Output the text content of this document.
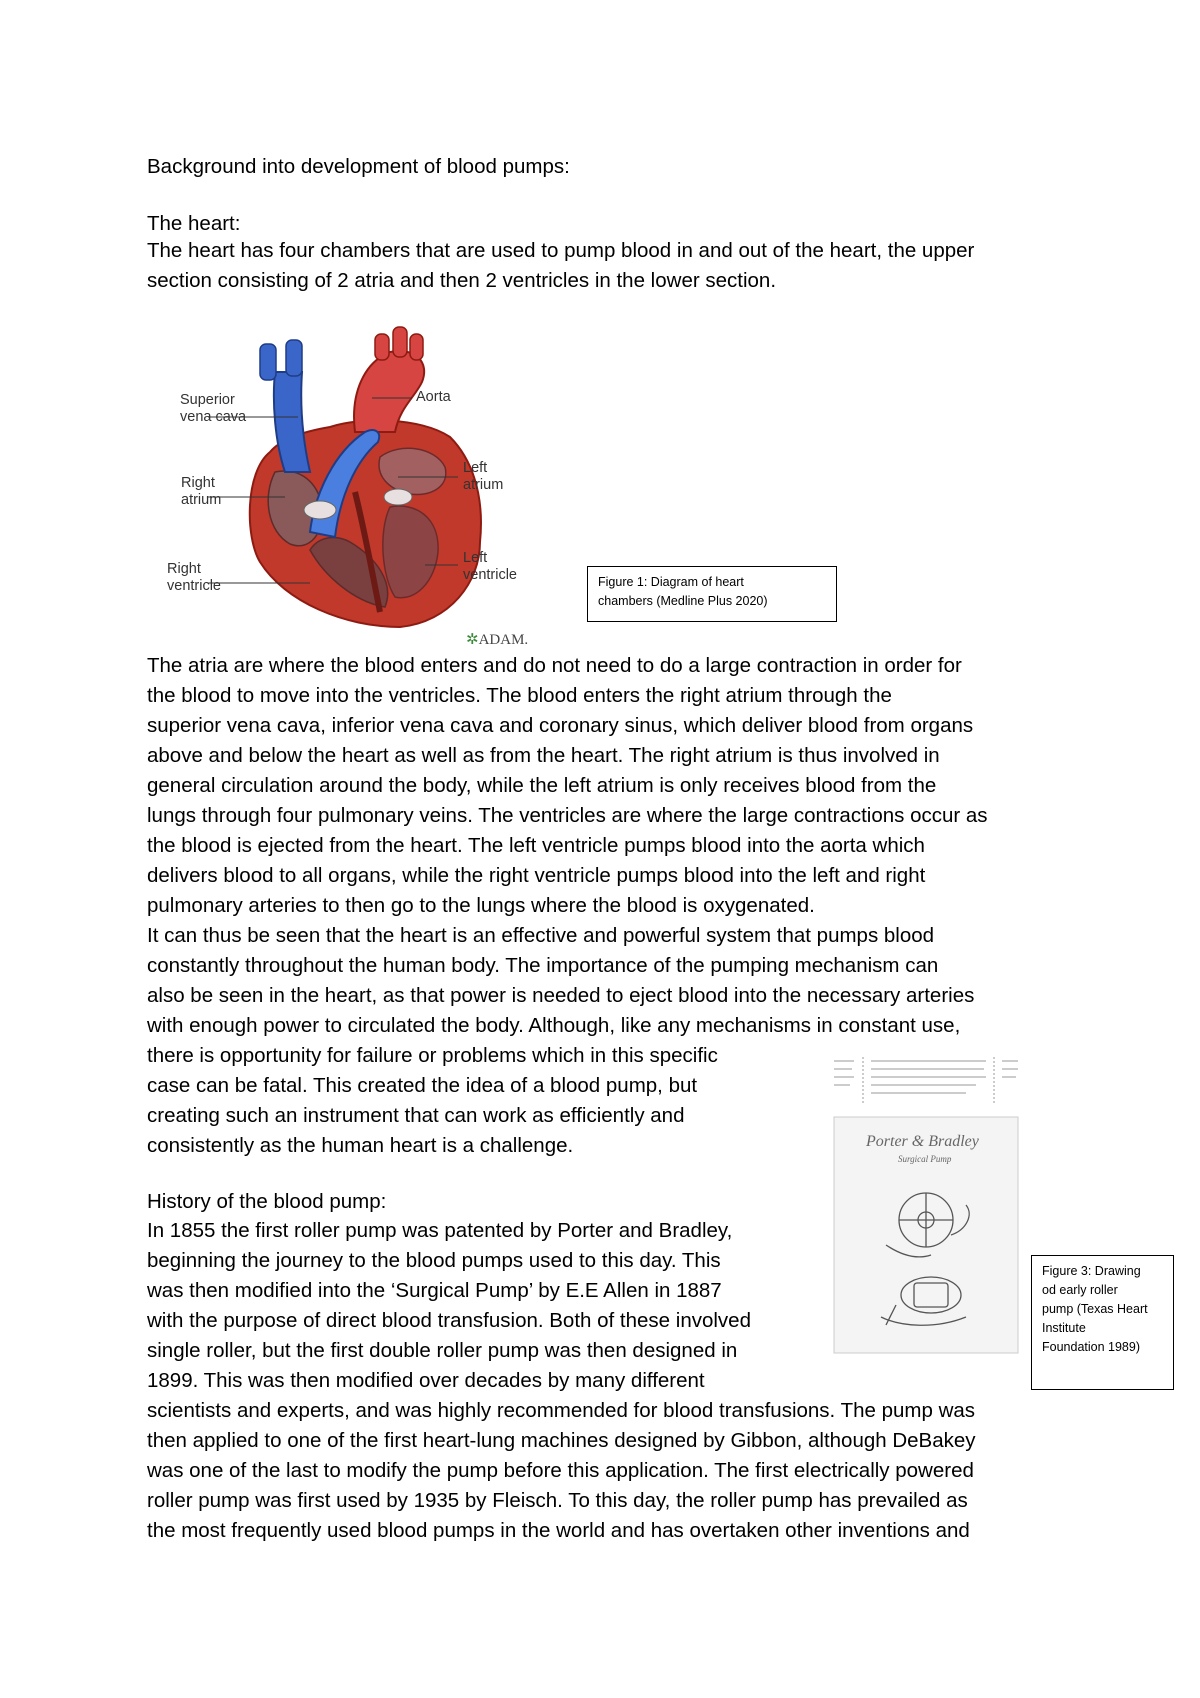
Background into development of blood pumps:
The heart:
The heart has four chambers that are used to pump blood in and out of the heart, the upper
section consisting of 2 atria and then 2 ventricles in the lower section.
Superior
vena cava
Aorta
Right
atrium
Left
atrium
Right
ventricle
Left
ventricle
✲ADAM.
Figure 1: Diagram of heart
chambers (Medline Plus 2020)
The atria are where the blood enters and do not need to do a large contraction in order for
the blood to move into the ventricles. The blood enters the right atrium through the
superior vena cava, inferior vena cava and coronary sinus, which deliver blood from organs
above and below the heart as well as from the heart. The right atrium is thus involved in
general circulation around the body, while the left atrium is only receives blood from the
lungs through four pulmonary veins. The ventricles are where the large contractions occur as
the blood is ejected from the heart. The left ventricle pumps blood into the aorta which
delivers blood to all organs, while the right ventricle pumps blood into the left and right
pulmonary arteries to then go to the lungs where the blood is oxygenated.
It can thus be seen that the heart is an effective and powerful system that pumps blood
constantly throughout the human body. The importance of the pumping mechanism can
also be seen in the heart, as that power is needed to eject blood into the necessary arteries
with enough power to circulated the body. Although, like any mechanisms in constant use,
there is opportunity for failure or problems which in this specific
case can be fatal. This created the idea of a blood pump, but
creating such an instrument that can work as efficiently and
consistently as the human heart is a challenge.
History of the blood pump:
In 1855 the first roller pump was patented by Porter and Bradley,
beginning the journey to the blood pumps used to this day. This
was then modified into the ‘Surgical Pump’ by E.E Allen in 1887
with the purpose of direct blood transfusion. Both of these involved
single roller, but the first double roller pump was then designed in
1899. This was then modified over decades by many different
scientists and experts, and was highly recommended for blood transfusions. The pump was
then applied to one of the first heart-lung machines designed by Gibbon, although DeBakey
was one of the last to modify the pump before this application. The first electrically powered
roller pump was first used by 1935 by Fleisch. To this day, the roller pump has prevailed as
the most frequently used blood pumps in the world and has overtaken other inventions and
Porter & Bradley
Surgical Pump
Figure 3: Drawing
od early roller
pump (Texas Heart
Institute
Foundation 1989)
